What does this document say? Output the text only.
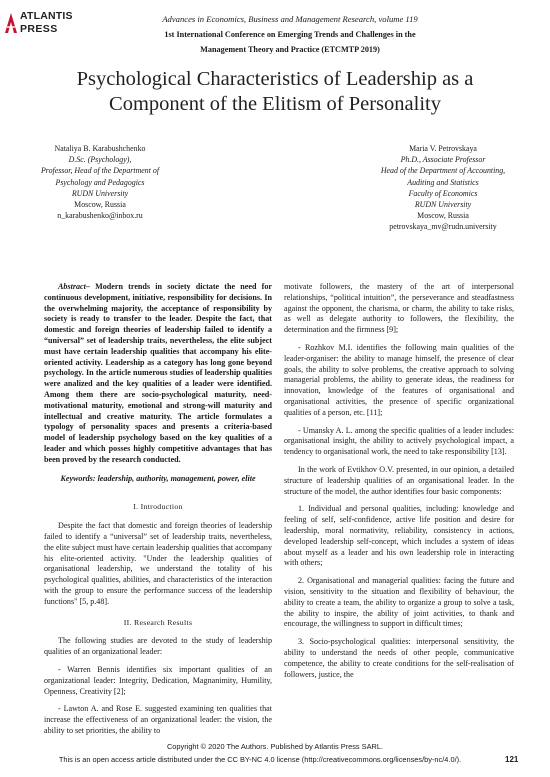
ATLANTIS
PRESS
Advances in Economics, Business and Management Research, volume 119
1st International Conference on Emerging Trends and Challenges in the
Management Theory and Practice (ETCMTP 2019)
Psychological Characteristics of Leadership as a
Component of the Elitism of Personality
Nataliya B. Karabushchenko
D.Sc. (Psychology),
Professor, Head of the Department of
Psychology and Pedagogics
RUDN University
Moscow, Russia
n_karabushenko@inbox.ru
Maria V. Petrovskaya
Ph.D., Associate Professor
Head of the Department of Accounting,
Auditing and Statistics
Faculty of Economics
RUDN University
Moscow, Russia
petrovskaya_mv@rudn.university

Abstract– Modern trends in society dictate the need for continuous development, initiative, responsibility for decisions. In the overwhelming majority, the acceptance of responsibility by society is ready to transfer to the leader. Despite the fact, that domestic and foreign theories of leadership failed to identify a “universal” set of leadership traits, nevertheless, the elite subject must have certain leadership qualities that accompany his elite-oriented activity. Leadership as a category has long gone beyond psychology. In the article numerous studies of leadership qualities were analized and the key qualities of a leader were identified. Among them there are socio-psychological maturity, need-motivational maturity, emotional and strong-will maturity and intellectual and creative maturity. The article formulates a typology of personality spaces and presents a criteria-based model of leadership psychology based on the key qualities of a leader and which posses highly competitive advantages that has been proved by the research conducted.

Keywords: leadership, authority, management, power, elite

I. Introduction

Despite the fact that domestic and foreign theories of leadership failed to identify a “universal” set of leadership traits, nevertheless, the elite subject must have certain leadership qualities that accompany his elite-oriented activity. "Under the leadership qualities of organisational leadership, we understand the totality of his psychological qualities, abilities, and characteristics of the interaction with the group to ensure the performance success of the leadership functions" [5, p.48].

II. Research Results

The following studies are devoted to the study of leadership qualities of an organizational leader:

- Warren Bennis identifies six important qualities of an organizational leader: Integrity, Dedication, Magnanimity, Humility, Openness, Creativity [2];

- Lawton A. and Rose E. suggested examining ten qualities that increase the effectiveness of an organizational leader: the vision, the ability to set priorities, the ability to

motivate followers, the mastery of the art of interpersonal relationships, “political intuition”, the perseverance and steadfastness against the opponent, the charisma, or charm, the ability to take risks, as well as delegate authority to followers, the flexibility, the determination and the firmness [9];

- Rozhkov M.I. identifies the following main qualities of the leader-organiser: the ability to manage himself, the presence of clear goals, the ability to solve problems, the creative approach to solving managerial problems, the ability to generate ideas, the readiness for innovation, knowledge of the features of organisational and organisational activities, the presence of specific organizational qualities of a person, etc. [11];

- Umansky A. L. among the specific qualities of a leader includes: organisational insight, the ability to actively psychological impact, a tendency to organisational work, the need to take responsibility [13].

In the work of Evtikhov O.V. presented, in our opinion, a detailed structure of leadership qualities of an organisational leader. In the structure of the model, the author identifies four basic components:

1. Individual and personal qualities, including: knowledge and feeling of self, self-confidence, active life position and desire for leadership, moral normativity, reliability, consistency in actions, developed leadership self-concept, which includes a system of ideas about myself as a leader and his own leadership role in interacting with others;

2. Organisational and managerial qualities: facing the future and vision, sensitivity to the situation and flexibility of behaviour, the ability to create a team, the ability to organize a group to solve a task, the ability to inspire, the ability of joint activities, to thank and encourage, the willingness to support in difficult times;

3. Socio-psychological qualities: interpersonal sensitivity, the ability to understand the needs of other people, communicative competence, the ability to create conditions for the self-realisation of followers, justice, the

Copyright © 2020 The Authors. Published by Atlantis Press SARL.
This is an open access article distributed under the CC BY-NC 4.0 license (http://creativecommons.org/licenses/by-nc/4.0/).	121
